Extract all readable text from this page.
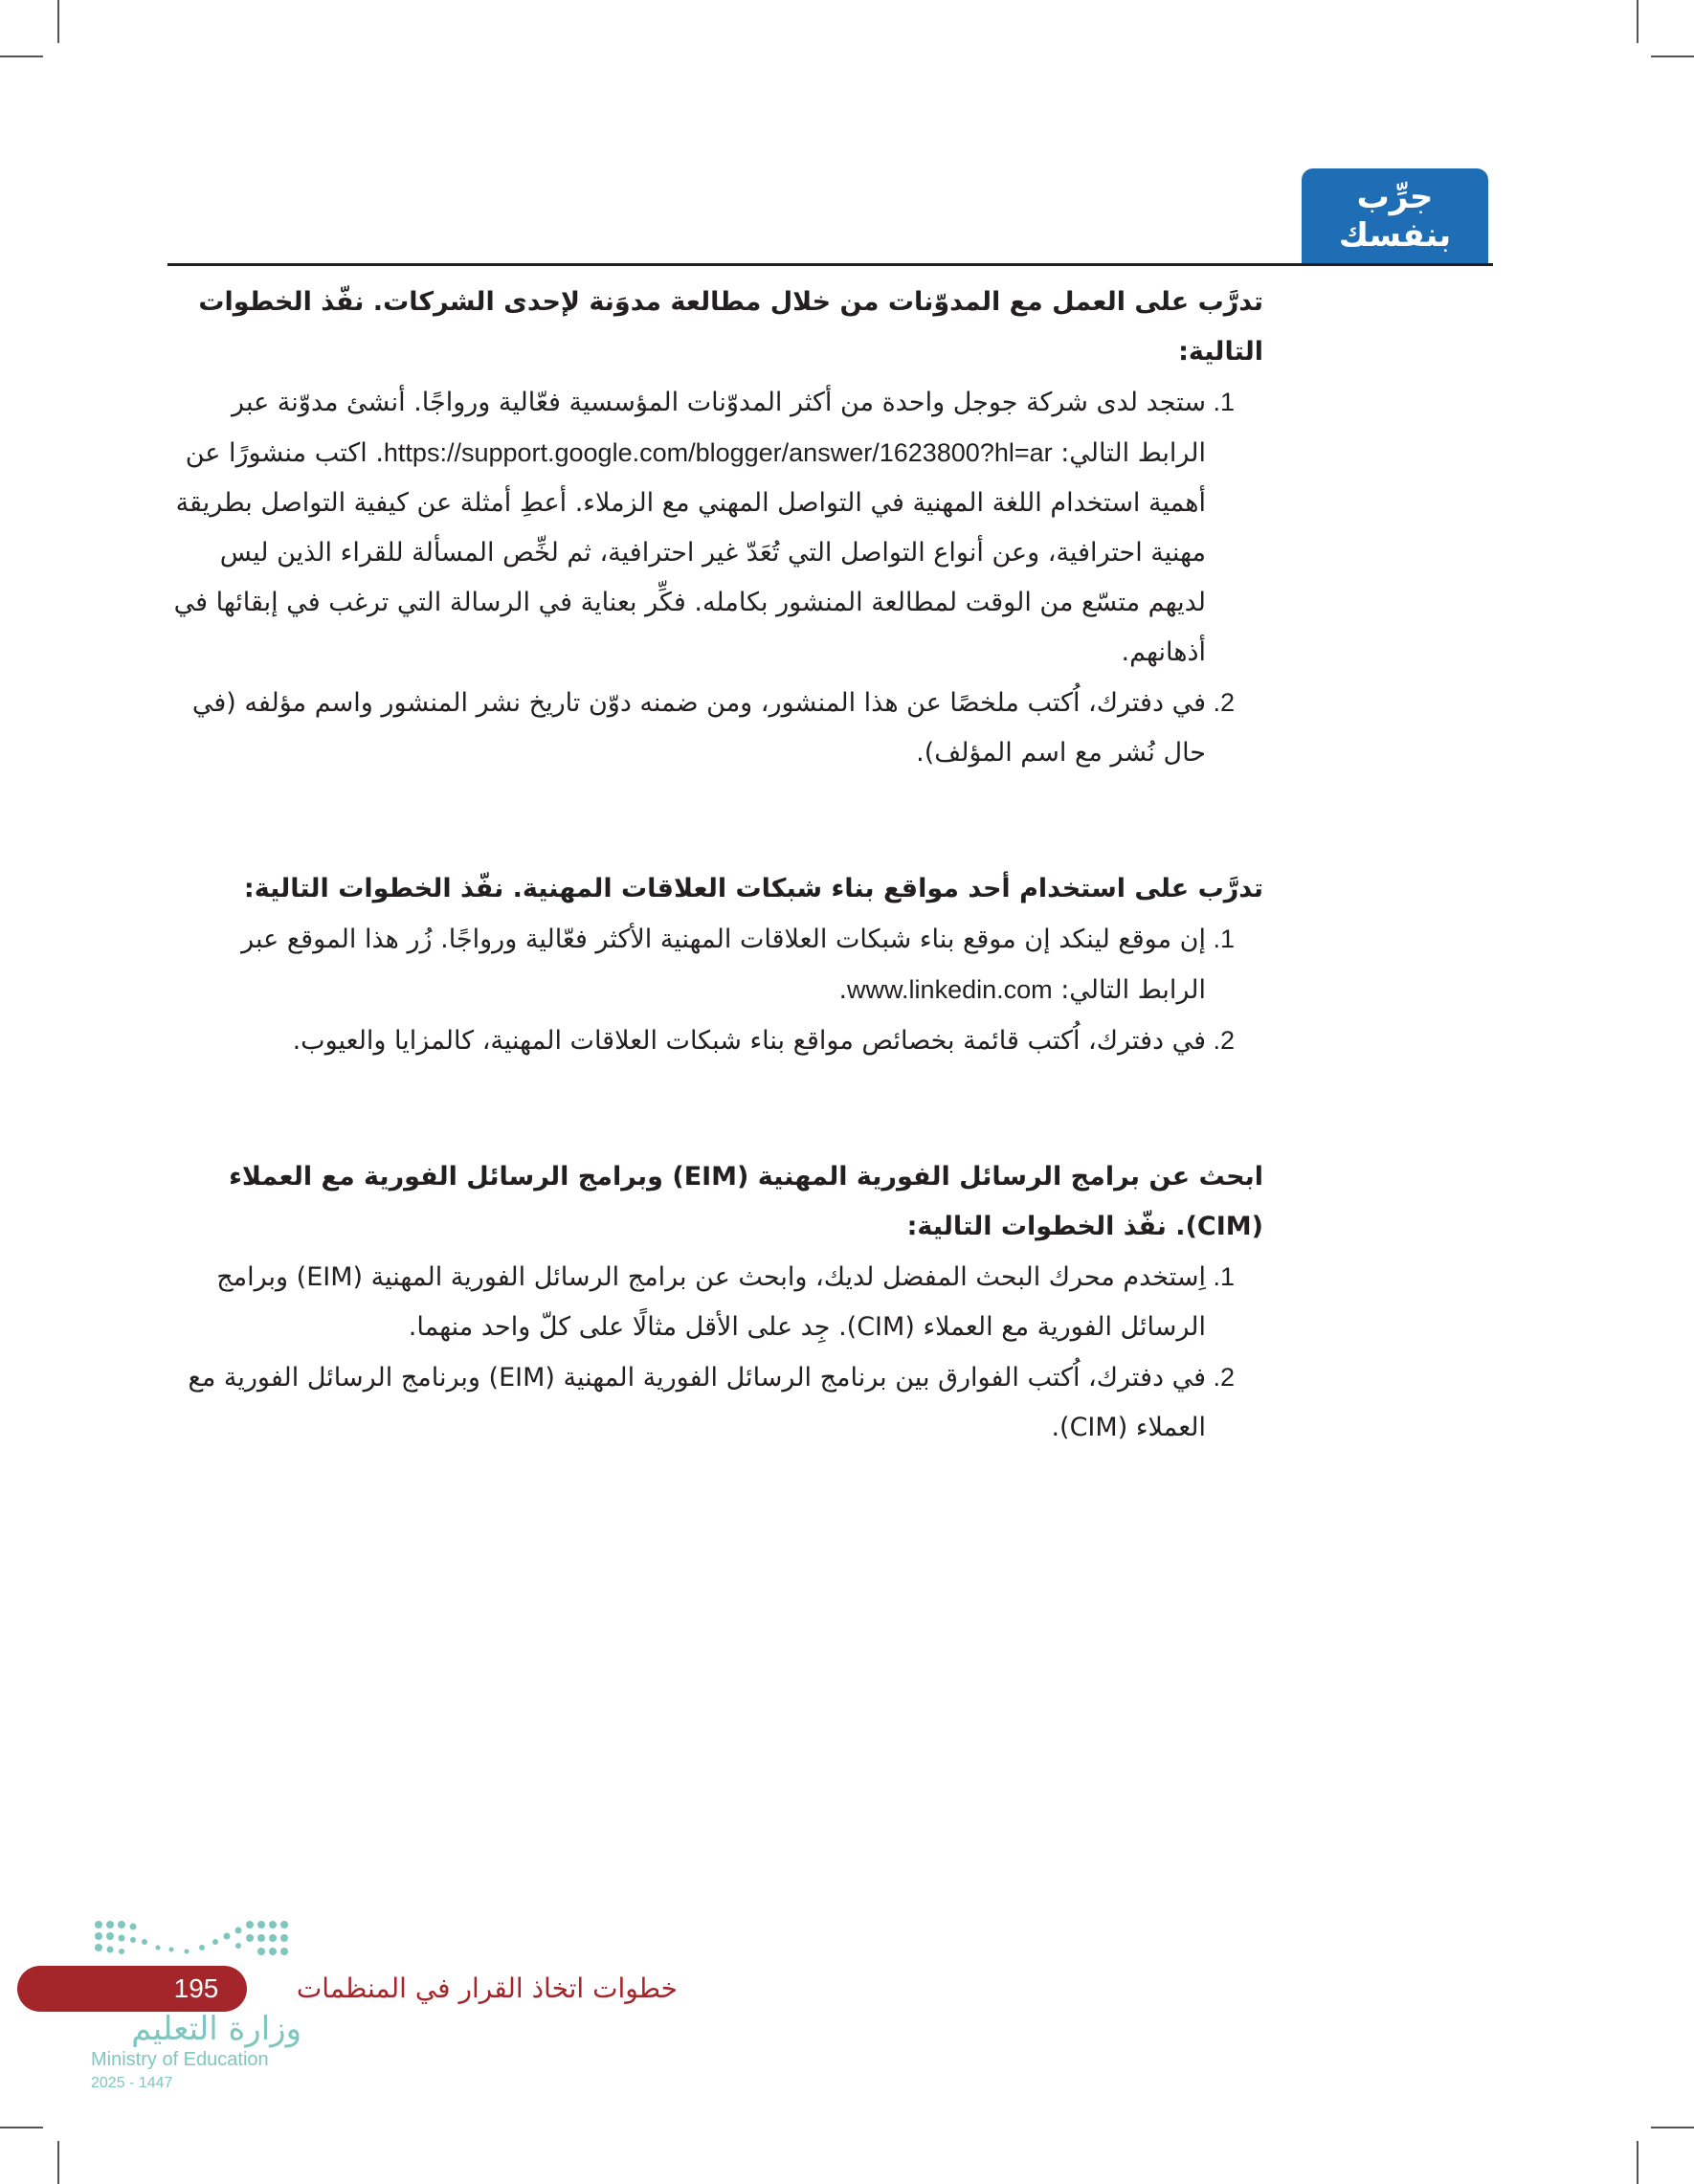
جرِّب
بنفسك

تدرَّب على العمل مع المدوّنات من خلال مطالعة مدوَنة لإحدى الشركات. نفّذ الخطوات التالية:

1. ستجد لدى شركة جوجل واحدة من أكثر المدوّنات المؤسسية فعّالية ورواجًا. أنشئ مدوّنة عبر الرابط التالي: https://support.google.com/blogger/answer/1623800?hl=ar. اكتب منشورًا عن أهمية استخدام اللغة المهنية في التواصل المهني مع الزملاء. أعطِ أمثلة عن كيفية التواصل بطريقة مهنية احترافية، وعن أنواع التواصل التي تُعَدّ غير احترافية، ثم لخِّص المسألة للقراء الذين ليس لديهم متسّع من الوقت لمطالعة المنشور بكامله. فكِّر بعناية في الرسالة التي ترغب في إبقائها في أذهانهم.
2. في دفترك، اُكتب ملخصًا عن هذا المنشور، ومن ضمنه دوّن تاريخ نشر المنشور واسم مؤلفه (في حال نُشر مع اسم المؤلف).

تدرَّب على استخدام أحد مواقع بناء شبكات العلاقات المهنية. نفّذ الخطوات التالية:

1. إن موقع لينكد إن موقع بناء شبكات العلاقات المهنية الأكثر فعّالية ورواجًا. زُر هذا الموقع عبر الرابط التالي: www.linkedin.com.
2. في دفترك، اُكتب قائمة بخصائص مواقع بناء شبكات العلاقات المهنية، كالمزايا والعيوب.

ابحث عن برامج الرسائل الفورية المهنية (EIM) وبرامج الرسائل الفورية مع العملاء (CIM). نفّذ الخطوات التالية:

1. اِستخدم محرك البحث المفضل لديك، وابحث عن برامج الرسائل الفورية المهنية (EIM) وبرامج الرسائل الفورية مع العملاء (CIM). جِد على الأقل مثالًا على كلّ واحد منهما.
2. في دفترك، اُكتب الفوارق بين برنامج الرسائل الفورية المهنية (EIM) وبرنامج الرسائل الفورية مع العملاء (CIM).
195	خطوات اتخاذ القرار في المنظمات
وزارة التعليم
Ministry of Education
2025 - 1447
